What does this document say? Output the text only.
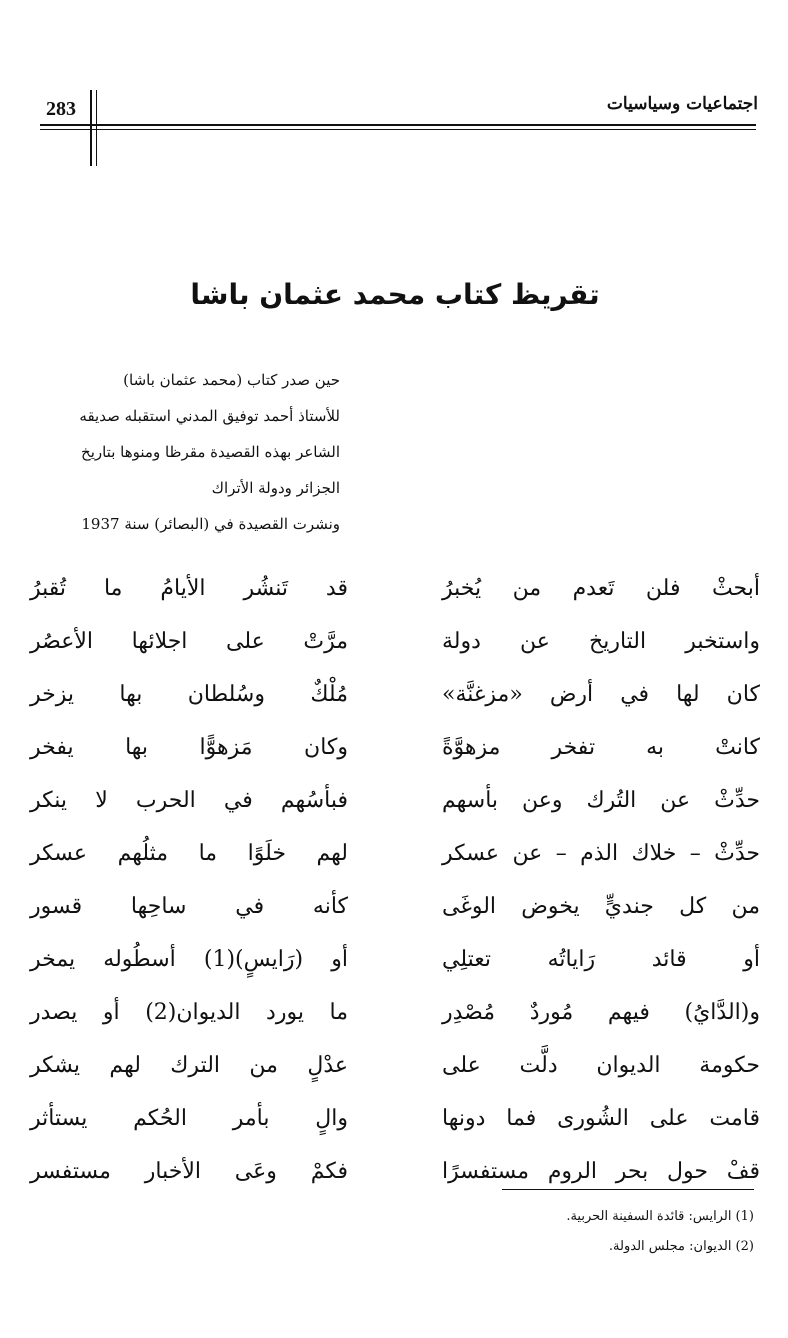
283	اجتماعيات وسياسيات
تقريظ كتاب محمد عثمان باشا
حين صدر كتاب (محمد عثمان باشا)
للأستاذ أحمد توفيق المدني استقبله صديقه
الشاعر بهذه القصيدة مقرظا ومنوها بتاريخ
الجزائر ودولة الأتراك
ونشرت القصيدة في (البصائر) سنة 1937
أبحثْ فلن تَعدم من يُخبرُ
قد تَنشُر الأيامُ ما تُقبرُ
واستخبر التاريخ عن دولة
مرَّتْ على اجلائها الأعصُر
كان لها في أرض «مزغنَّة»
مُلْكٌ وسُلطان بها يزخر
كانتْ به تفخر مزهوَّةً
وكان مَزهوًّا بها يفخر
حدِّثْ عن التُرك وعن بأسهم
فبأسُهم في الحرب لا ينكر
حدِّثْ – خلاك الذم – عن عسكر
لهم خلَوًا ما مثلُهم عسكر
من كل جنديٍّ يخوض الوغَى
كأنه في ساحِها قسور
أو قائد رَاياتُه تعتلِي
أو (رَايسٍ)(1) أسطُوله يمخر
و(الدَّايُ) فيهم مُوردٌ مُصْدِر
ما يورد الديوان(2) أو يصدر
حكومة الديوان دلَّت على
عدْلٍ من الترك لهم يشكر
قامت على الشُورى فما دونها
والٍ بأمر الحُكم يستأثر
قفْ حول بحر الروم مستفسرًا
فكمْ وعَى الأخبار مستفسر
(1) الرايس: قائدة السفينة الحربية.
(2) الديوان: مجلس الدولة.
